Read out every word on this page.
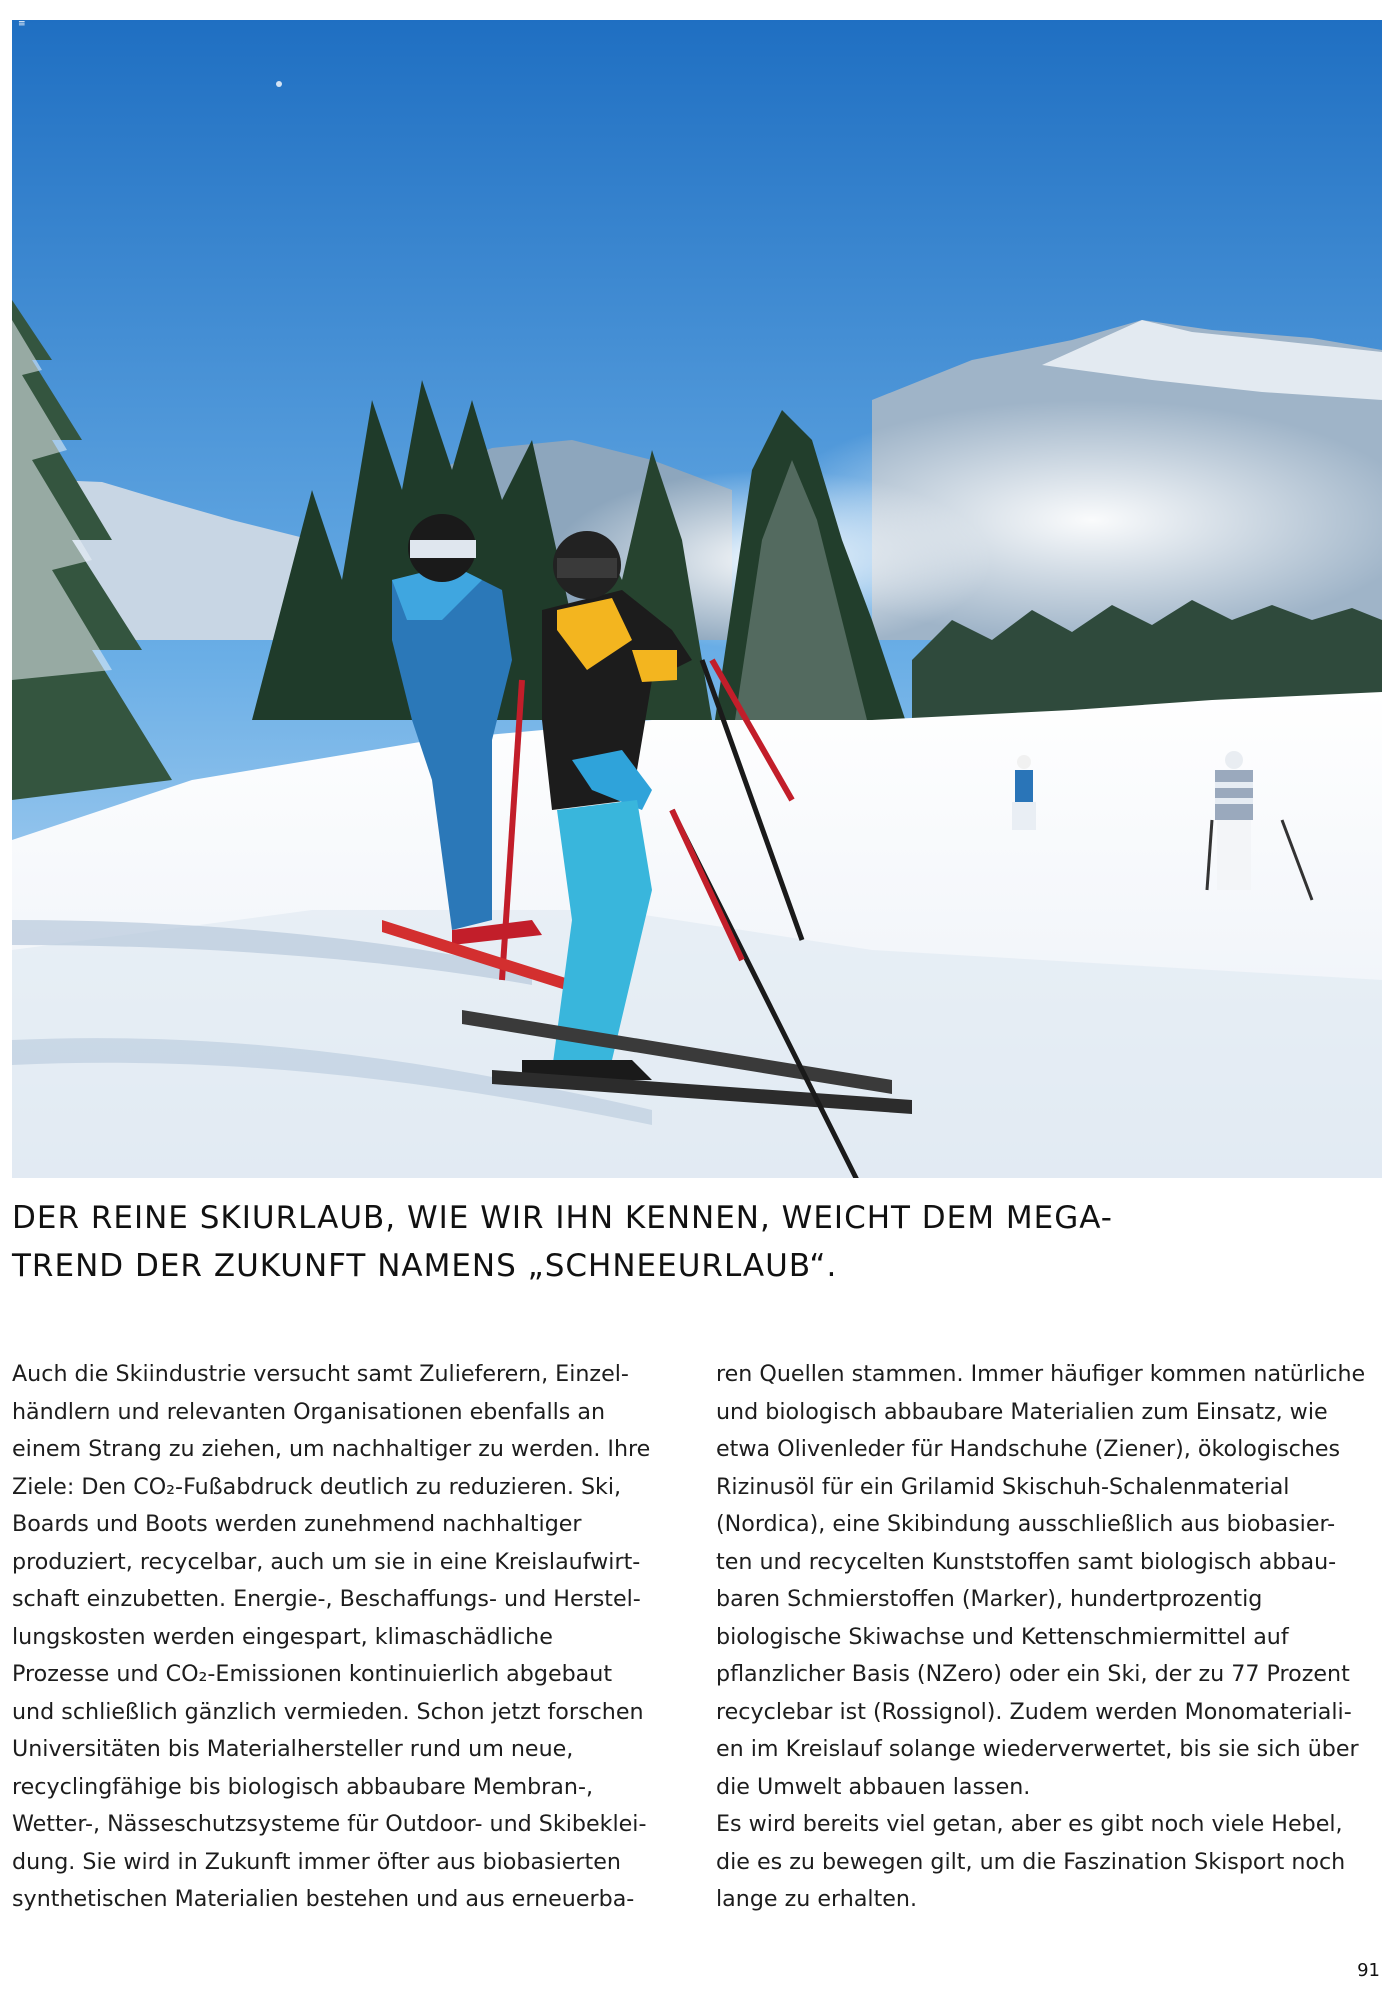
≡
DER REINE SKIURLAUB, WIE WIR IHN KENNEN, WEICHT DEM MEGA-
TREND DER ZUKUNFT NAMENS „SCHNEEURLAUB“.

Auch die Skiindustrie versucht samt Zulieferern, Einzel-
händlern und relevanten Organisationen ebenfalls an
einem Strang zu ziehen, um nachhaltiger zu werden. Ihre
Ziele: Den CO₂-Fußabdruck deutlich zu reduzieren. Ski,
Boards und Boots werden zunehmend nachhaltiger
produziert, recycelbar, auch um sie in eine Kreislaufwirt-
schaft einzubetten. Energie-, Beschaffungs- und Herstel-
lungskosten werden eingespart, klimaschädliche
Prozesse und CO₂-Emissionen kontinuierlich abgebaut
und schließlich gänzlich vermieden. Schon jetzt forschen
Universitäten bis Materialhersteller rund um neue,
recyclingfähige bis biologisch abbaubare Membran-,
Wetter-, Nässeschutzsysteme für Outdoor- und Skibeklei-
dung. Sie wird in Zukunft immer öfter aus biobasierten
synthetischen Materialien bestehen und aus erneuerba-

ren Quellen stammen. Immer häufiger kommen natürliche
und biologisch abbaubare Materialien zum Einsatz, wie
etwa Olivenleder für Handschuhe (Ziener), ökologisches
Rizinusöl für ein Grilamid Skischuh-Schalenmaterial
(Nordica), eine Skibindung ausschließlich aus biobasier-
ten und recycelten Kunststoffen samt biologisch abbau-
baren Schmierstoffen (Marker), hundertprozentig
biologische Skiwachse und Kettenschmiermittel auf
pflanzlicher Basis (NZero) oder ein Ski, der zu 77 Prozent
recyclebar ist (Rossignol). Zudem werden Monomateriali-
en im Kreislauf solange wiederverwertet, bis sie sich über
die Umwelt abbauen lassen.
Es wird bereits viel getan, aber es gibt noch viele Hebel,
die es zu bewegen gilt, um die Faszination Skisport noch
lange zu erhalten.

91
